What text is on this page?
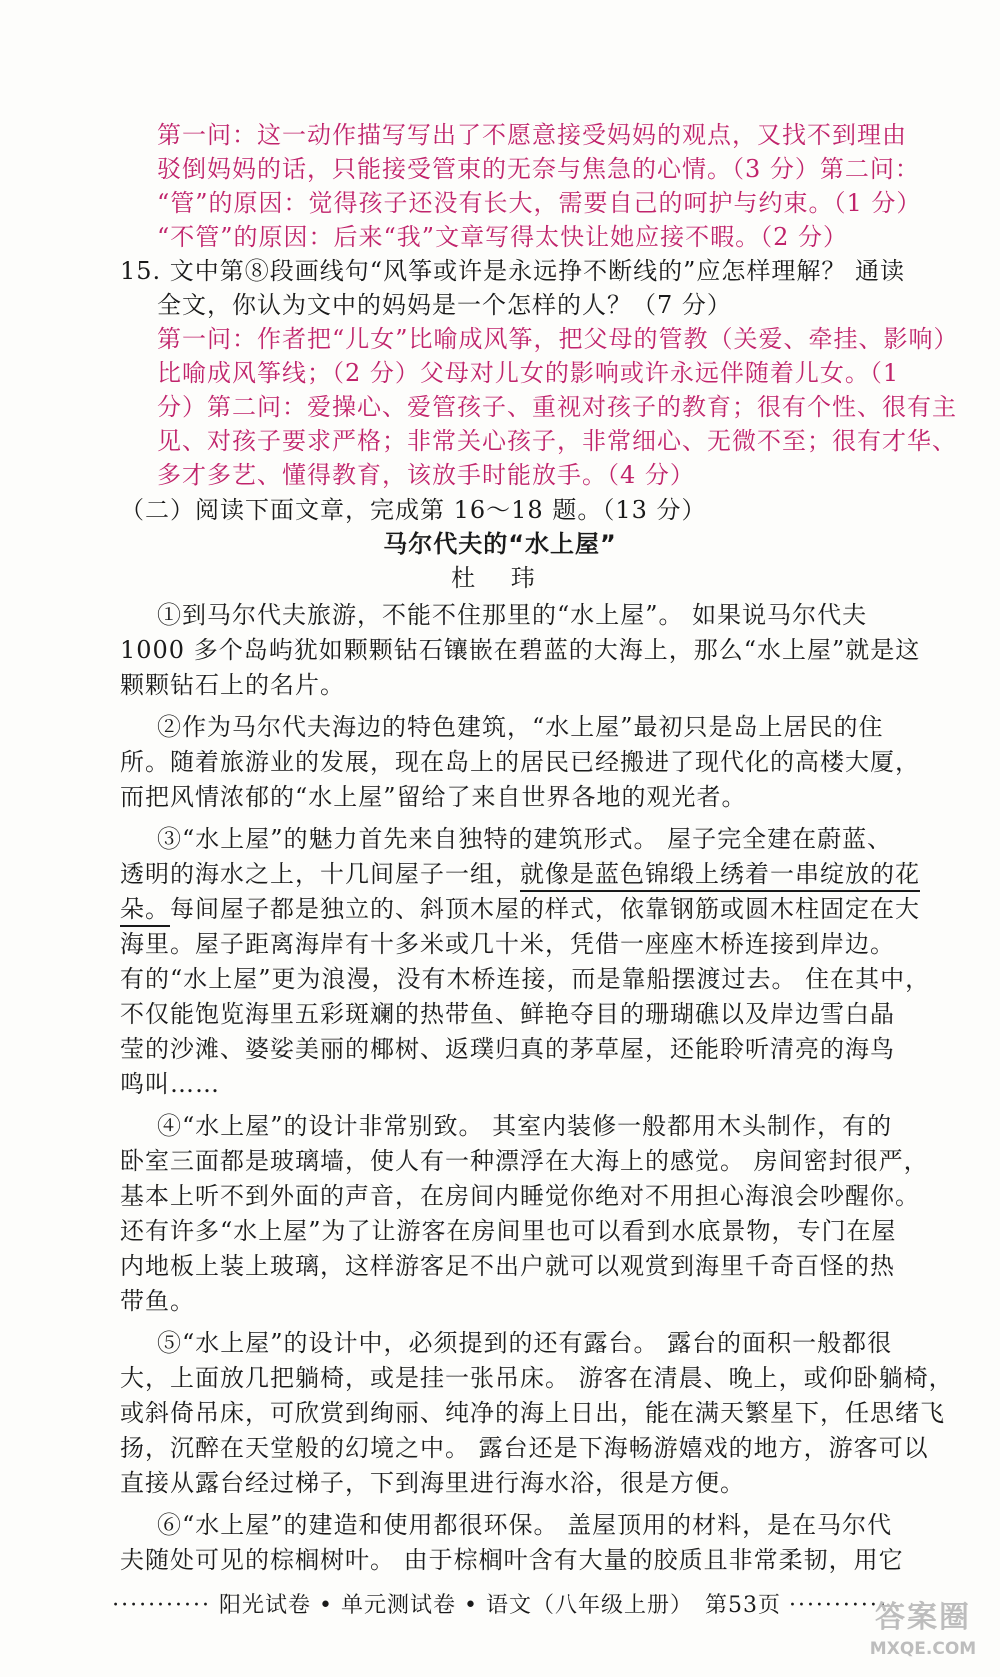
第一问：这一动作描写写出了不愿意接受妈妈的观点，又找不到理由
驳倒妈妈的话，只能接受管束的无奈与焦急的心情。（3 分）第二问：
“管”的原因：觉得孩子还没有长大，需要自己的呵护与约束。（1 分）
“不管”的原因：后来“我”文章写得太快让她应接不暇。（2 分）
15. 文中第⑧段画线句“风筝或许是永远挣不断线的”应怎样理解？ 通读
全文，你认为文中的妈妈是一个怎样的人？（7 分）
第一问：作者把“儿女”比喻成风筝，把父母的管教（关爱、牵挂、影响）
比喻成风筝线；（2 分）父母对儿女的影响或许永远伴随着儿女。（1
分）第二问：爱操心、爱管孩子、重视对孩子的教育；很有个性、很有主
见、对孩子要求严格；非常关心孩子，非常细心、无微不至；很有才华、
多才多艺、懂得教育，该放手时能放手。（4 分）
（二）阅读下面文章，完成第 16～18 题。（13 分）
马尔代夫的“水上屋”
杜 玮
①到马尔代夫旅游，不能不住那里的“水上屋”。 如果说马尔代夫
1000 多个岛屿犹如颗颗钻石镶嵌在碧蓝的大海上，那么“水上屋”就是这
颗颗钻石上的名片。
②作为马尔代夫海边的特色建筑，“水上屋”最初只是岛上居民的住
所。随着旅游业的发展，现在岛上的居民已经搬进了现代化的高楼大厦，
而把风情浓郁的“水上屋”留给了来自世界各地的观光者。
③“水上屋”的魅力首先来自独特的建筑形式。 屋子完全建在蔚蓝、
透明的海水之上，十几间屋子一组，就像是蓝色锦缎上绣着一串绽放的花
朵。每间屋子都是独立的、斜顶木屋的样式，依靠钢筋或圆木柱固定在大
海里。屋子距离海岸有十多米或几十米，凭借一座座木桥连接到岸边。
有的“水上屋”更为浪漫，没有木桥连接，而是靠船摆渡过去。 住在其中，
不仅能饱览海里五彩斑斓的热带鱼、鲜艳夺目的珊瑚礁以及岸边雪白晶
莹的沙滩、婆娑美丽的椰树、返璞归真的茅草屋，还能聆听清亮的海鸟
鸣叫……
④“水上屋”的设计非常别致。 其室内装修一般都用木头制作，有的
卧室三面都是玻璃墙，使人有一种漂浮在大海上的感觉。 房间密封很严，
基本上听不到外面的声音，在房间内睡觉你绝对不用担心海浪会吵醒你。
还有许多“水上屋”为了让游客在房间里也可以看到水底景物，专门在屋
内地板上装上玻璃，这样游客足不出户就可以观赏到海里千奇百怪的热
带鱼。
⑤“水上屋”的设计中，必须提到的还有露台。 露台的面积一般都很
大，上面放几把躺椅，或是挂一张吊床。 游客在清晨、晚上，或仰卧躺椅，
或斜倚吊床，可欣赏到绚丽、纯净的海上日出，能在满天繁星下，任思绪飞
扬，沉醉在天堂般的幻境之中。 露台还是下海畅游嬉戏的地方，游客可以
直接从露台经过梯子，下到海里进行海水浴，很是方便。
⑥“水上屋”的建造和使用都很环保。 盖屋顶用的材料，是在马尔代
夫随处可见的棕榈树叶。 由于棕榈叶含有大量的胶质且非常柔韧，用它
··········· 阳光试卷 • 单元测试卷 • 语文（八年级上册）　第53页 ···········
答案圈
MXQE.COM
